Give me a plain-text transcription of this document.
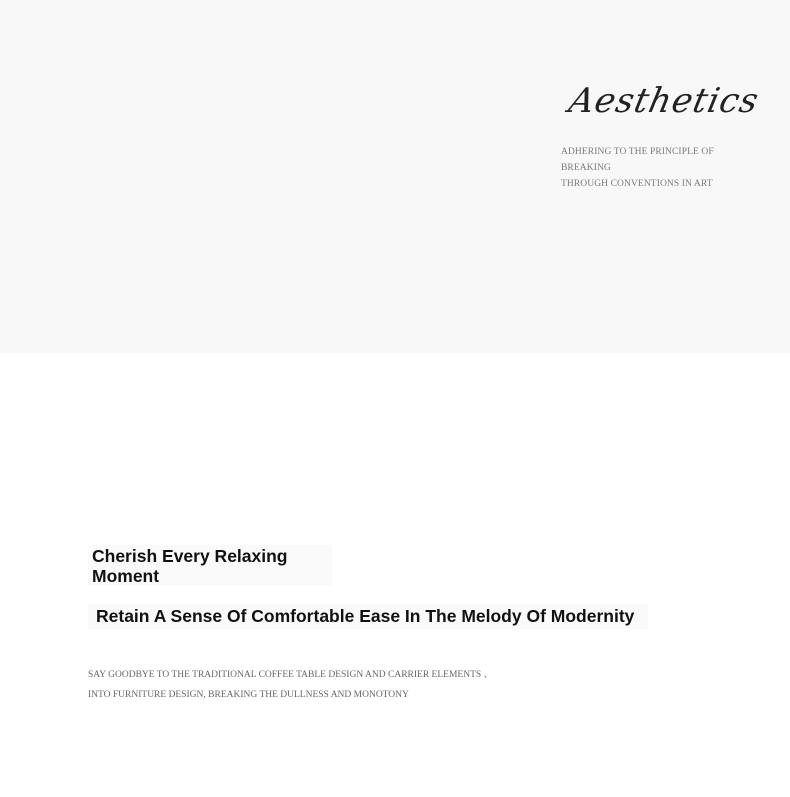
Aesthetics
ADHERING TO THE PRINCIPLE OF BREAKING
THROUGH CONVENTIONS IN ART
Cherish Every Relaxing
Moment
Retain A Sense Of Comfortable Ease In The Melody Of Modernity
SAY GOODBYE TO THE TRADITIONAL COFFEE TABLE DESIGN AND CARRIER ELEMENTS 、
INTO FURNITURE DESIGN, BREAKING THE DULLNESS AND MONOTONY
